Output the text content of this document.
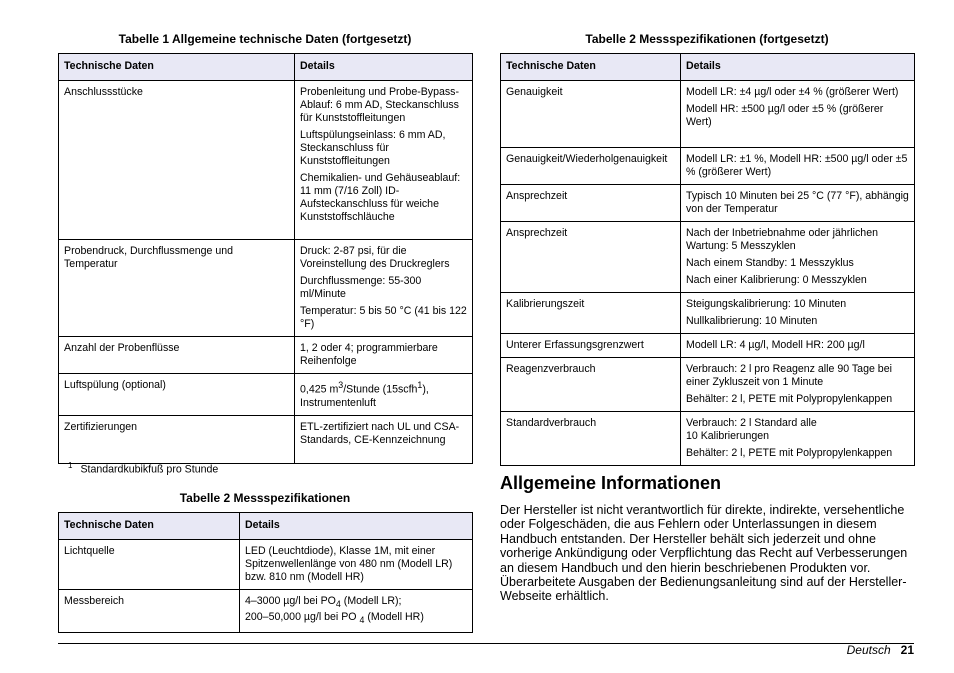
Tabelle 1 Allgemeine technische Daten (fortgesetzt)
Technische Daten	Details
Anschlussstücke	Probenleitung und Probe-Bypass-Ablauf: 6 mm AD, Steckanschluss für Kunststoffleitungen

Luftspülungseinlass: 6 mm AD, Steckanschluss für Kunststoffleitungen

Chemikalien- und Gehäuseablauf: 11 mm (7/16 Zoll) ID-Aufsteckanschluss für weiche Kunststoffschläuche

Probendruck, Durchflussmenge und Temperatur	Druck: 2-87 psi, für die Voreinstellung des Druckreglers

Durchflussmenge: 55-300 ml/Minute

Temperatur: 5 bis 50 °C (41 bis 122 °F)

Anzahl der Probenflüsse	1, 2 oder 4; programmierbare Reihenfolge

Luftspülung (optional)	0,425 $m^3$/Stunde (15scfh$^1$), Instrumentenluft

Zertifizierungen	ETL-zertifiziert nach UL und CSA-Standards, CE-Kennzeichnung

$^1$ Standardkubikfuß pro Stunde
Tabelle 2 Messspezifikationen
Technische Daten	Details
Lichtquelle	LED (Leuchtdiode), Klasse 1M, mit einer Spitzenwellenlänge von 480 nm (Modell LR) bzw. 810 nm (Modell HR)

Messbereich	4–3000 µg/l bei $PO_4$ (Modell LR);
200–50,000 µg/l bei PO $_4$ (Modell HR)

Tabelle 2 Messspezifikationen (fortgesetzt)
Technische Daten	Details
Genauigkeit	Modell LR: ±4 µg/l oder ±4 % (größerer Wert)

Modell HR: ±500 µg/l oder ±5 % (größerer Wert)

Genauigkeit/Wiederholgenauigkeit	Modell LR: ±1 %, Modell HR: ±500 µg/l oder ±5 % (größerer Wert)

Ansprechzeit	Typisch 10 Minuten bei 25 °C (77 °F), abhängig von der Temperatur

Ansprechzeit	Nach der Inbetriebnahme oder jährlichen Wartung: 5 Messzyklen

Nach einem Standby: 1 Messzyklus

Nach einer Kalibrierung: 0 Messzyklen

Kalibrierungszeit	Steigungskalibrierung: 10 Minuten

Nullkalibrierung: 10 Minuten

Unterer Erfassungsgrenzwert	Modell LR: 4 µg/l, Modell HR: 200 µg/l

Reagenzverbrauch	Verbrauch: 2 l pro Reagenz alle 90 Tage bei einer Zykluszeit von 1 Minute

Behälter: 2 l, PETE mit Polypropylenkappen

Standardverbrauch	Verbrauch: 2 l Standard alle
10 Kalibrierungen

Behälter: 2 l, PETE mit Polypropylenkappen

Allgemeine Informationen

Der Hersteller ist nicht verantwortlich für direkte, indirekte, versehentliche oder Folgeschäden, die aus Fehlern oder Unterlassungen in diesem Handbuch entstanden. Der Hersteller behält sich jederzeit und ohne vorherige Ankündigung oder Verpflichtung das Recht auf Verbesserungen an diesem Handbuch und den hierin beschriebenen Produkten vor. Überarbeitete Ausgaben der Bedienungsanleitung sind auf der Hersteller-Webseite erhältlich.

Deutsch 21
